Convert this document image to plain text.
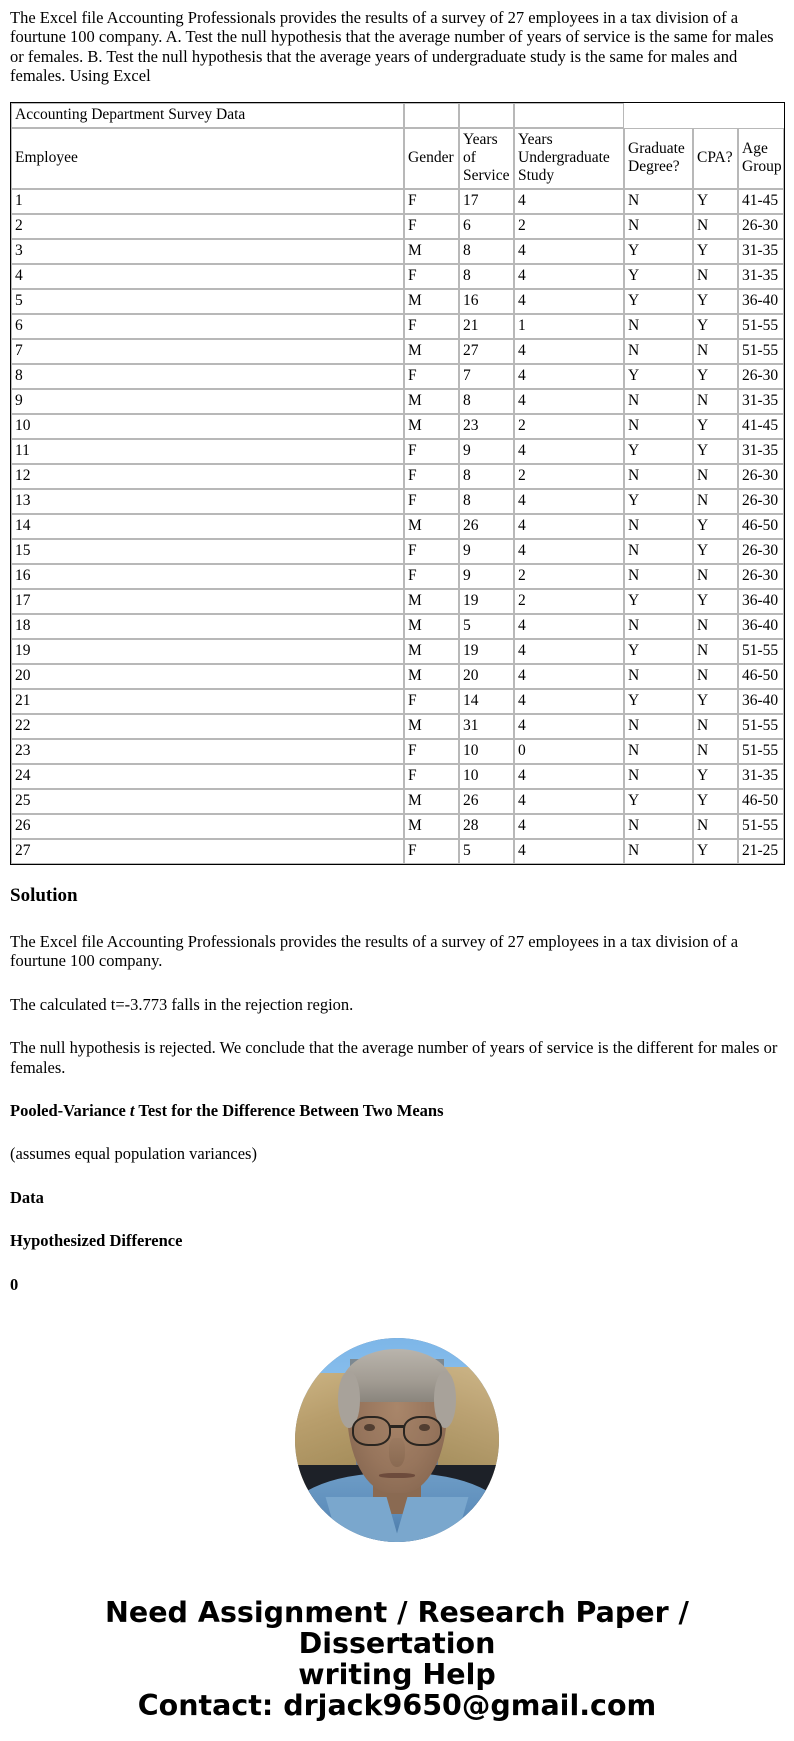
The Excel file Accounting Professionals provides the results of a survey of 27 employees in a tax division of a fourtune 100 company. A. Test the null hypothesis that the average number of years of service is the same for males or females. B. Test the null hypothesis that the average years of undergraduate study is the same for males and females. Using Excel

Accounting Department Survey Data						
Employee	Gender	Years of Service	Years Undergraduate Study	Graduate Degree?	CPA?	Age Group
1	F	17	4	N	Y	41-45
2	F	6	2	N	N	26-30
3	M	8	4	Y	Y	31-35
4	F	8	4	Y	N	31-35
5	M	16	4	Y	Y	36-40
6	F	21	1	N	Y	51-55
7	M	27	4	N	N	51-55
8	F	7	4	Y	Y	26-30
9	M	8	4	N	N	31-35
10	M	23	2	N	Y	41-45
11	F	9	4	Y	Y	31-35
12	F	8	2	N	N	26-30
13	F	8	4	Y	N	26-30
14	M	26	4	N	Y	46-50
15	F	9	4	N	Y	26-30
16	F	9	2	N	N	26-30
17	M	19	2	Y	Y	36-40
18	M	5	4	N	N	36-40
19	M	19	4	Y	N	51-55
20	M	20	4	N	N	46-50
21	F	14	4	Y	Y	36-40
22	M	31	4	N	N	51-55
23	F	10	0	N	N	51-55
24	F	10	4	N	Y	31-35
25	M	26	4	Y	Y	46-50
26	M	28	4	N	N	51-55
27	F	5	4	N	Y	21-25
Solution

The Excel file Accounting Professionals provides the results of a survey of 27 employees in a tax division of a fourtune 100 company.

The calculated t=-3.773 falls in the rejection region.

The null hypothesis is rejected. We conclude that the average number of years of service is the different for males or females.

Pooled-Variance t Test for the Difference Between Two Means

(assumes equal population variances)

Data

Hypothesized Difference

0

Need Assignment / Research Paper / Dissertation
writing Help
Contact: drjack9650@gmail.com
